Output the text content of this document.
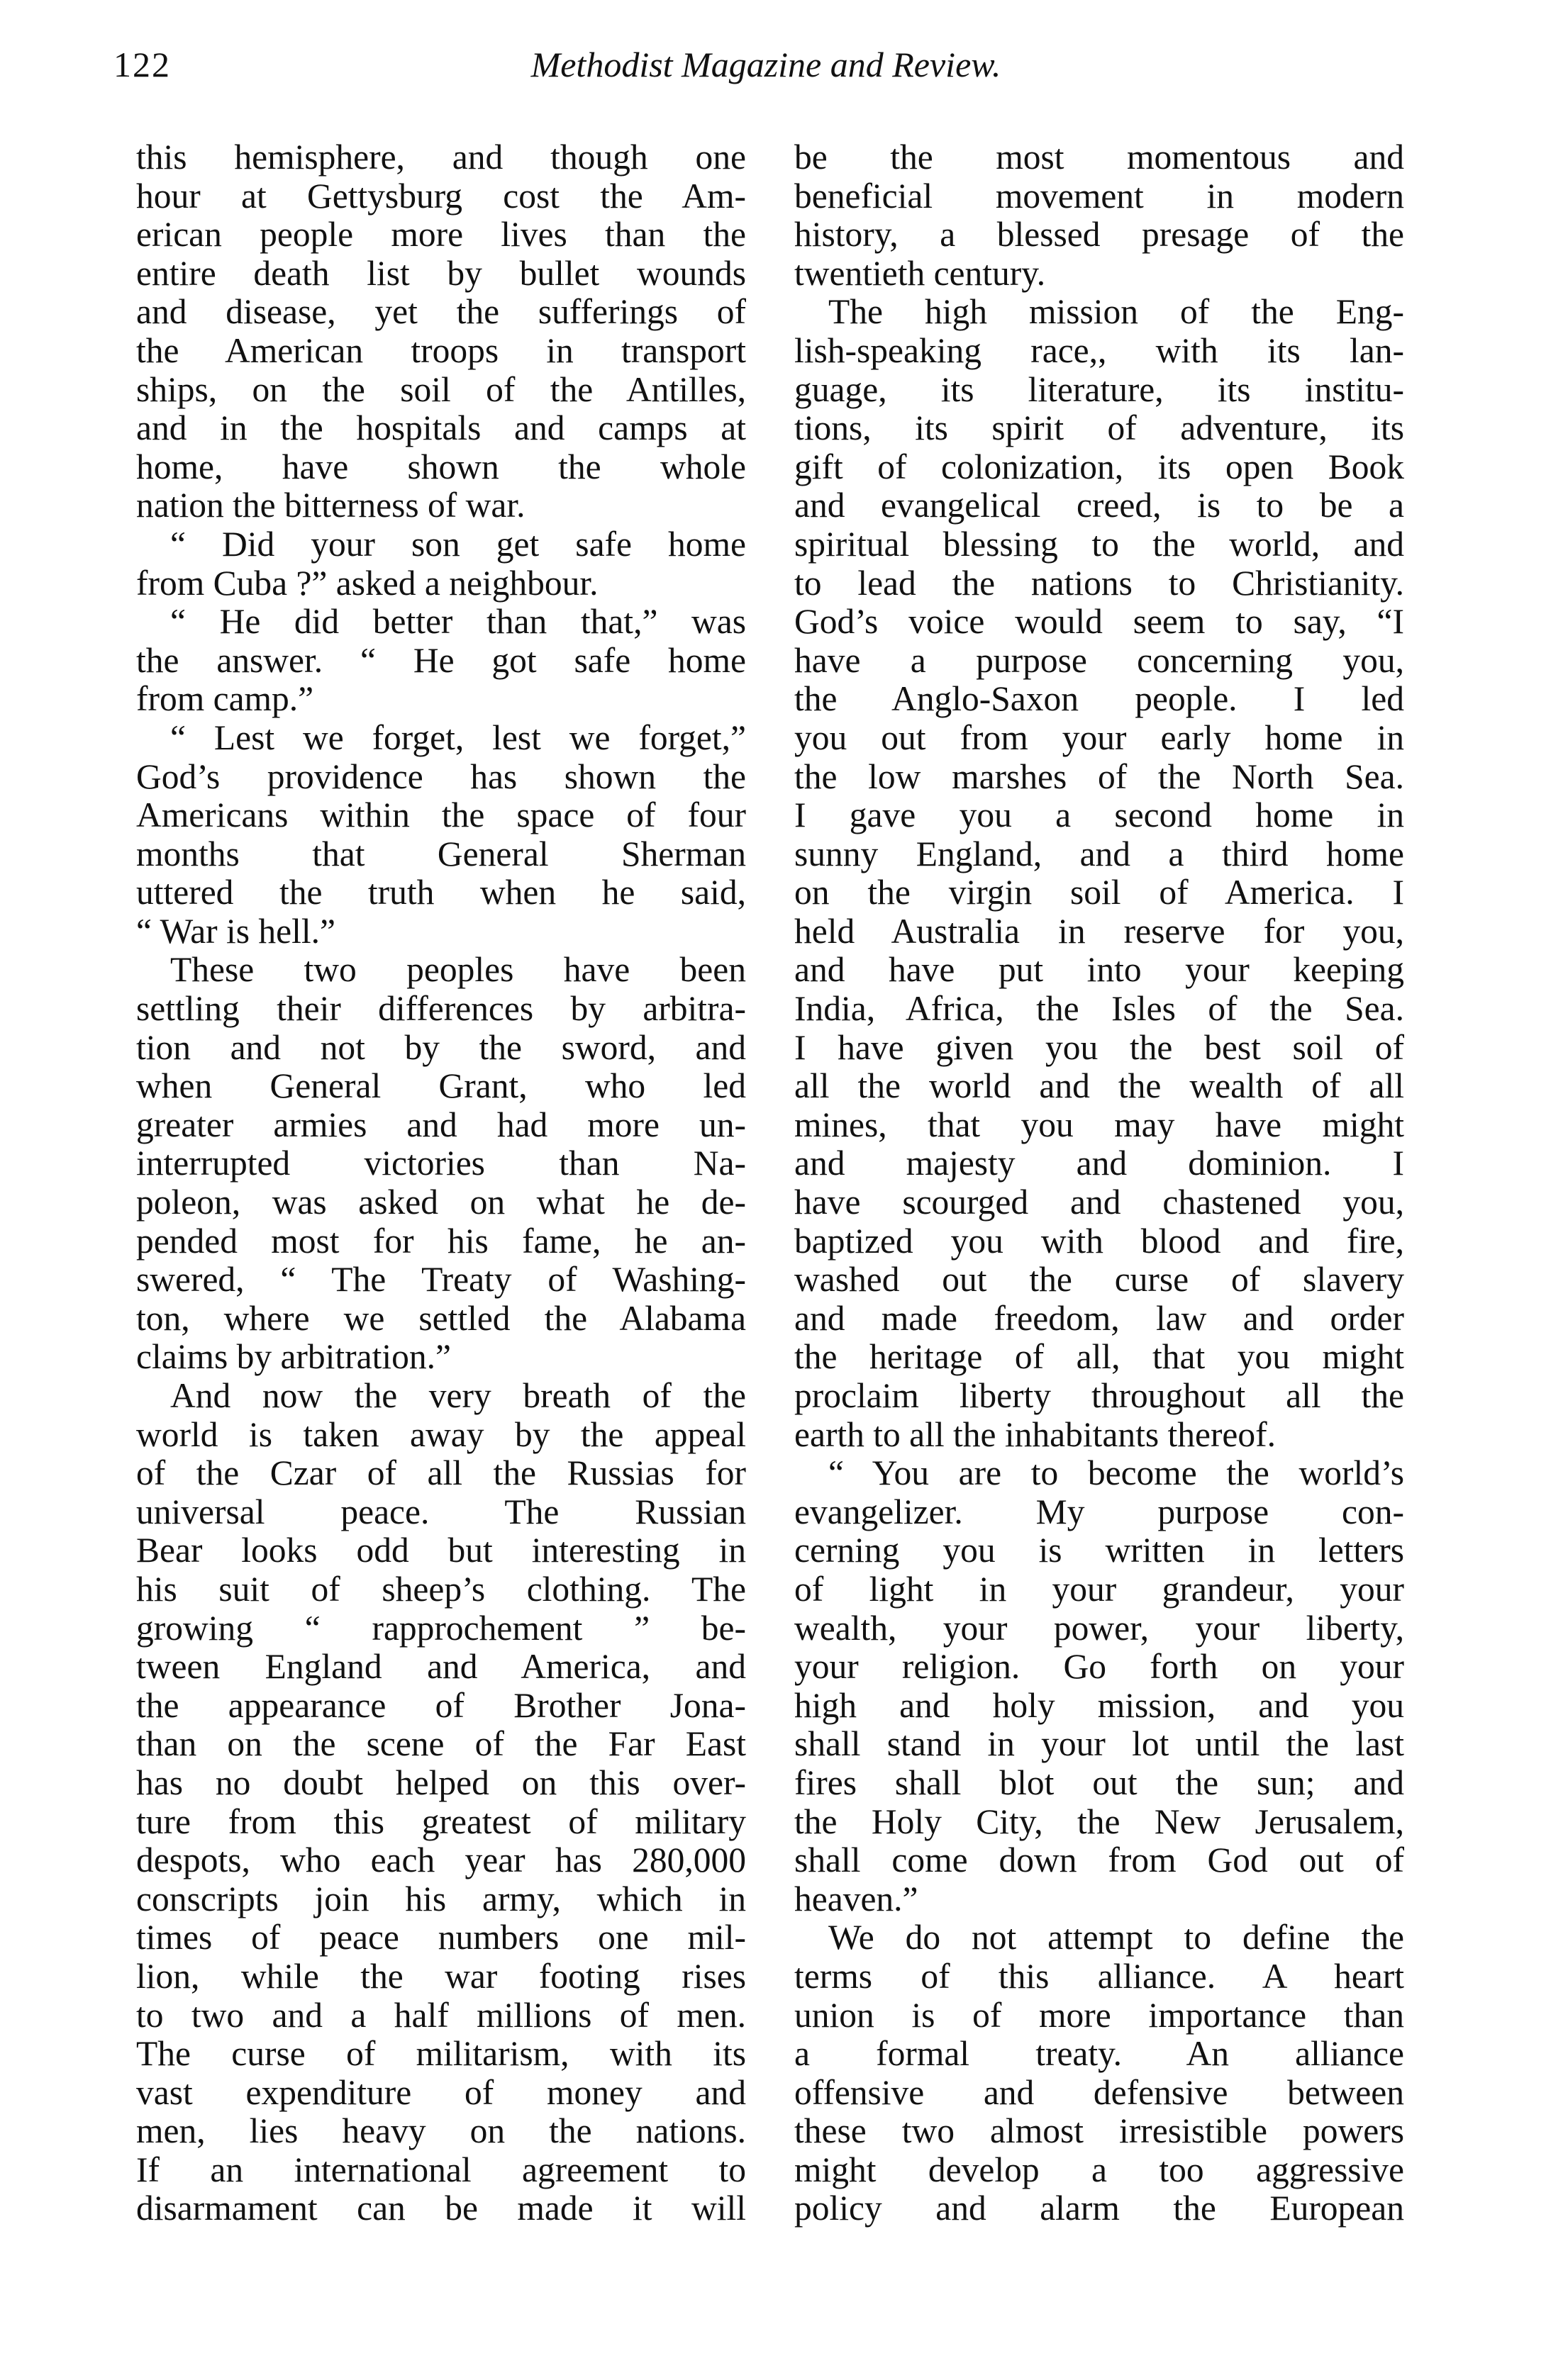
122	Methodist Magazine and Review.
this hemisphere, and though one
hour at Gettysburg cost the Am-
erican people more lives than the
entire death list by bullet wounds
and disease, yet the sufferings of
the American troops in transport
ships, on the soil of the Antilles,
and in the hospitals and camps at
home, have shown the whole
nation the bitterness of war.
“ Did your son get safe home
from Cuba ?” asked a neighbour.
“ He did better than that,” was
the answer. “ He got safe home
from camp.”
“ Lest we forget, lest we forget,”
God’s providence has shown the
Americans within the space of four
months that General Sherman
uttered the truth when he said,
“ War is hell.”
These two peoples have been
settling their differences by arbitra-
tion and not by the sword, and
when General Grant, who led
greater armies and had more un-
interrupted victories than Na-
poleon, was asked on what he de-
pended most for his fame, he an-
swered, “ The Treaty of Washing-
ton, where we settled the Alabama
claims by arbitration.”
And now the very breath of the
world is taken away by the appeal
of the Czar of all the Russias for
universal peace. The Russian
Bear looks odd but interesting in
his suit of sheep’s clothing. The
growing “ rapprochement ” be-
tween England and America, and
the appearance of Brother Jona-
than on the scene of the Far East
has no doubt helped on this over-
ture from this greatest of military
despots, who each year has 280,000
conscripts join his army, which in
times of peace numbers one mil-
lion, while the war footing rises
to two and a half millions of men.
The curse of militarism, with its
vast expenditure of money and
men, lies heavy on the nations.
If an international agreement to
disarmament can be made it will
be the most momentous and
beneficial movement in modern
history, a blessed presage of the
twentieth century.
The high mission of the Eng-
lish-speaking race,, with its lan-
guage, its literature, its institu-
tions, its spirit of adventure, its
gift of colonization, its open Book
and evangelical creed, is to be a
spiritual blessing to the world, and
to lead the nations to Christianity.
God’s voice would seem to say, “I
have a purpose concerning you,
the Anglo-Saxon people. I led
you out from your early home in
the low marshes of the North Sea.
I gave you a second home in
sunny England, and a third home
on the virgin soil of America. I
held Australia in reserve for you,
and have put into your keeping
India, Africa, the Isles of the Sea.
I have given you the best soil of
all the world and the wealth of all
mines, that you may have might
and majesty and dominion. I
have scourged and chastened you,
baptized you with blood and fire,
washed out the curse of slavery
and made freedom, law and order
the heritage of all, that you might
proclaim liberty throughout all the
earth to all the inhabitants thereof.
“ You are to become the world’s
evangelizer. My purpose con-
cerning you is written in letters
of light in your grandeur, your
wealth, your power, your liberty,
your religion. Go forth on your
high and holy mission, and you
shall stand in your lot until the last
fires shall blot out the sun; and
the Holy City, the New Jerusalem,
shall come down from God out of
heaven.”
We do not attempt to define the
terms of this alliance. A heart
union is of more importance than
a formal treaty. An alliance
offensive and defensive between
these two almost irresistible powers
might develop a too aggressive
policy and alarm the European
